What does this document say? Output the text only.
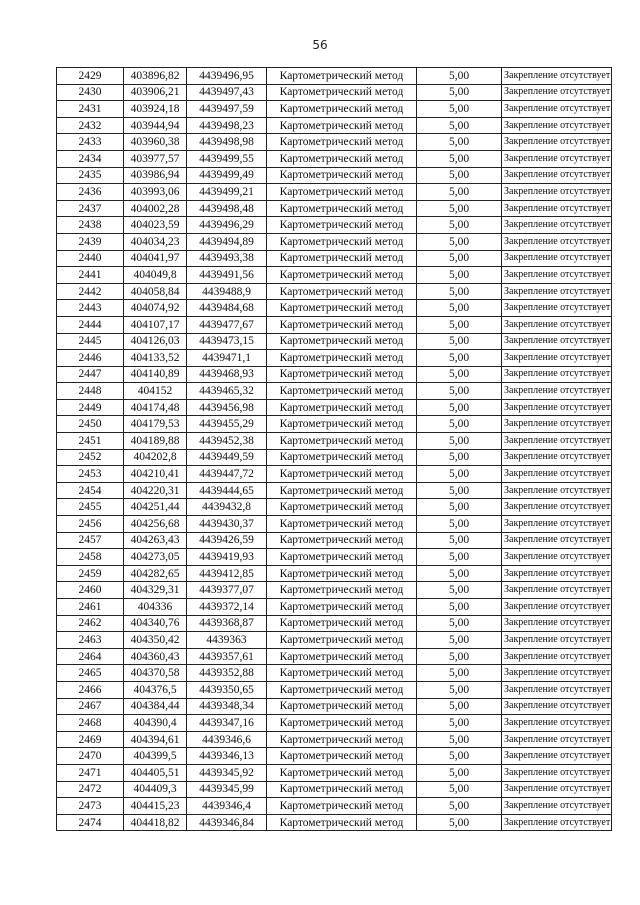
56
2429	403896,82	4439496,95	Картометрический метод	5,00	Закрепление отсутствует
2430	403906,21	4439497,43	Картометрический метод	5,00	Закрепление отсутствует
2431	403924,18	4439497,59	Картометрический метод	5,00	Закрепление отсутствует
2432	403944,94	4439498,23	Картометрический метод	5,00	Закрепление отсутствует
2433	403960,38	4439498,98	Картометрический метод	5,00	Закрепление отсутствует
2434	403977,57	4439499,55	Картометрический метод	5,00	Закрепление отсутствует
2435	403986,94	4439499,49	Картометрический метод	5,00	Закрепление отсутствует
2436	403993,06	4439499,21	Картометрический метод	5,00	Закрепление отсутствует
2437	404002,28	4439498,48	Картометрический метод	5,00	Закрепление отсутствует
2438	404023,59	4439496,29	Картометрический метод	5,00	Закрепление отсутствует
2439	404034,23	4439494,89	Картометрический метод	5,00	Закрепление отсутствует
2440	404041,97	4439493,38	Картометрический метод	5,00	Закрепление отсутствует
2441	404049,8	4439491,56	Картометрический метод	5,00	Закрепление отсутствует
2442	404058,84	4439488,9	Картометрический метод	5,00	Закрепление отсутствует
2443	404074,92	4439484,68	Картометрический метод	5,00	Закрепление отсутствует
2444	404107,17	4439477,67	Картометрический метод	5,00	Закрепление отсутствует
2445	404126,03	4439473,15	Картометрический метод	5,00	Закрепление отсутствует
2446	404133,52	4439471,1	Картометрический метод	5,00	Закрепление отсутствует
2447	404140,89	4439468,93	Картометрический метод	5,00	Закрепление отсутствует
2448	404152	4439465,32	Картометрический метод	5,00	Закрепление отсутствует
2449	404174,48	4439456,98	Картометрический метод	5,00	Закрепление отсутствует
2450	404179,53	4439455,29	Картометрический метод	5,00	Закрепление отсутствует
2451	404189,88	4439452,38	Картометрический метод	5,00	Закрепление отсутствует
2452	404202,8	4439449,59	Картометрический метод	5,00	Закрепление отсутствует
2453	404210,41	4439447,72	Картометрический метод	5,00	Закрепление отсутствует
2454	404220,31	4439444,65	Картометрический метод	5,00	Закрепление отсутствует
2455	404251,44	4439432,8	Картометрический метод	5,00	Закрепление отсутствует
2456	404256,68	4439430,37	Картометрический метод	5,00	Закрепление отсутствует
2457	404263,43	4439426,59	Картометрический метод	5,00	Закрепление отсутствует
2458	404273,05	4439419,93	Картометрический метод	5,00	Закрепление отсутствует
2459	404282,65	4439412,85	Картометрический метод	5,00	Закрепление отсутствует
2460	404329,31	4439377,07	Картометрический метод	5,00	Закрепление отсутствует
2461	404336	4439372,14	Картометрический метод	5,00	Закрепление отсутствует
2462	404340,76	4439368,87	Картометрический метод	5,00	Закрепление отсутствует
2463	404350,42	4439363	Картометрический метод	5,00	Закрепление отсутствует
2464	404360,43	4439357,61	Картометрический метод	5,00	Закрепление отсутствует
2465	404370,58	4439352,88	Картометрический метод	5,00	Закрепление отсутствует
2466	404376,5	4439350,65	Картометрический метод	5,00	Закрепление отсутствует
2467	404384,44	4439348,34	Картометрический метод	5,00	Закрепление отсутствует
2468	404390,4	4439347,16	Картометрический метод	5,00	Закрепление отсутствует
2469	404394,61	4439346,6	Картометрический метод	5,00	Закрепление отсутствует
2470	404399,5	4439346,13	Картометрический метод	5,00	Закрепление отсутствует
2471	404405,51	4439345,92	Картометрический метод	5,00	Закрепление отсутствует
2472	404409,3	4439345,99	Картометрический метод	5,00	Закрепление отсутствует
2473	404415,23	4439346,4	Картометрический метод	5,00	Закрепление отсутствует
2474	404418,82	4439346,84	Картометрический метод	5,00	Закрепление отсутствует
